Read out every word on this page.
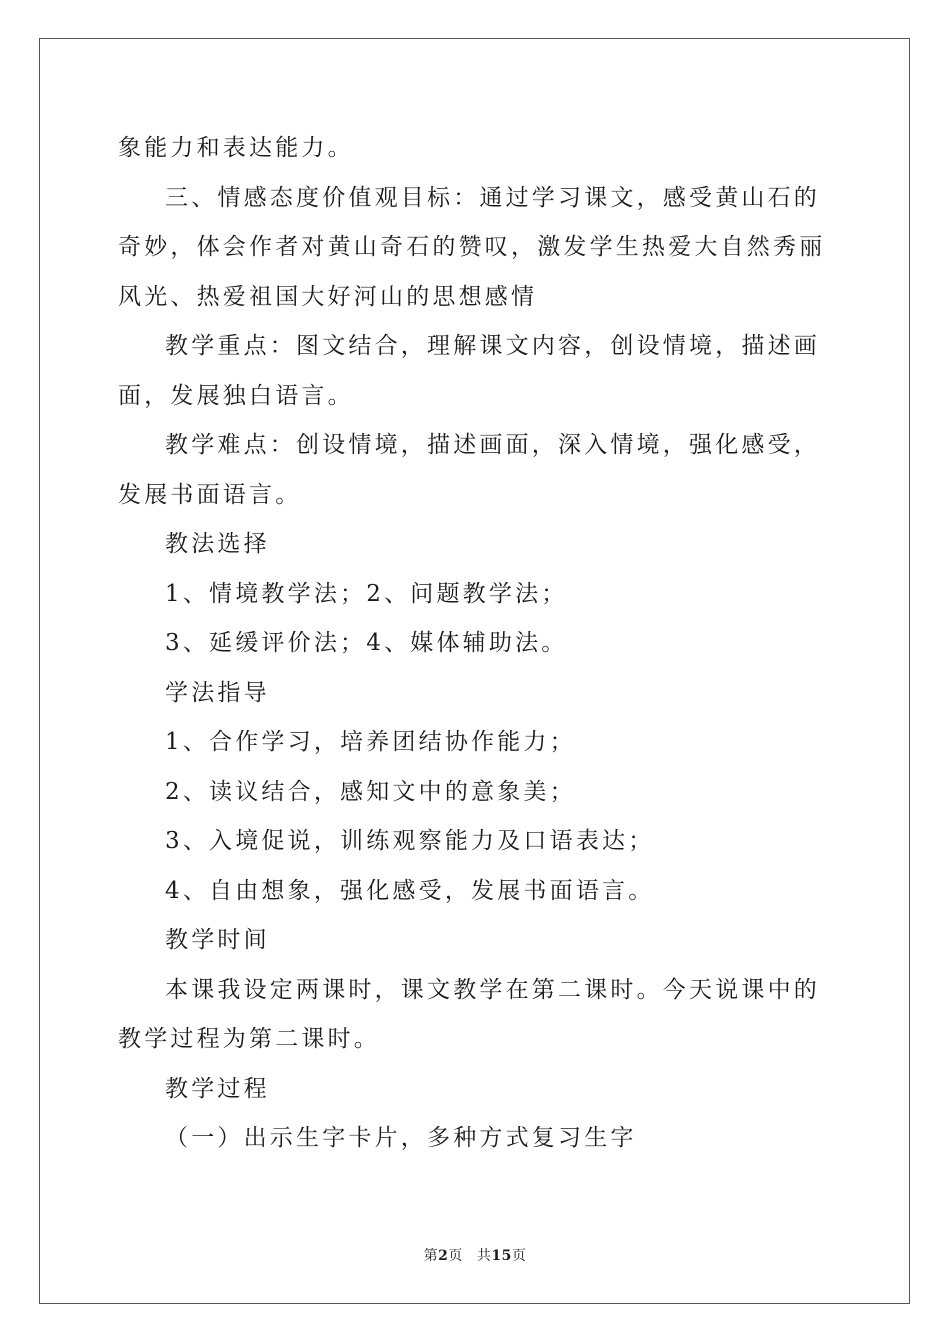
象能力和表达能力。

三、情感态度价值观目标：通过学习课文，感受黄山石的奇妙，体会作者对黄山奇石的赞叹，激发学生热爱大自然秀丽风光、热爱祖国大好河山的思想感情

教学重点：图文结合，理解课文内容，创设情境，描述画面，发展独白语言。

教学难点：创设情境，描述画面，深入情境，强化感受，发展书面语言。

教法选择

1、情境教学法；2、问题教学法；

3、延缓评价法；4、媒体辅助法。

学法指导

1、合作学习，培养团结协作能力；

2、读议结合，感知文中的意象美；

3、入境促说，训练观察能力及口语表达；

4、自由想象，强化感受，发展书面语言。

教学时间

本课我设定两课时，课文教学在第二课时。今天说课中的教学过程为第二课时。

教学过程

（一）出示生字卡片，多种方式复习生字

第2页 共15页
